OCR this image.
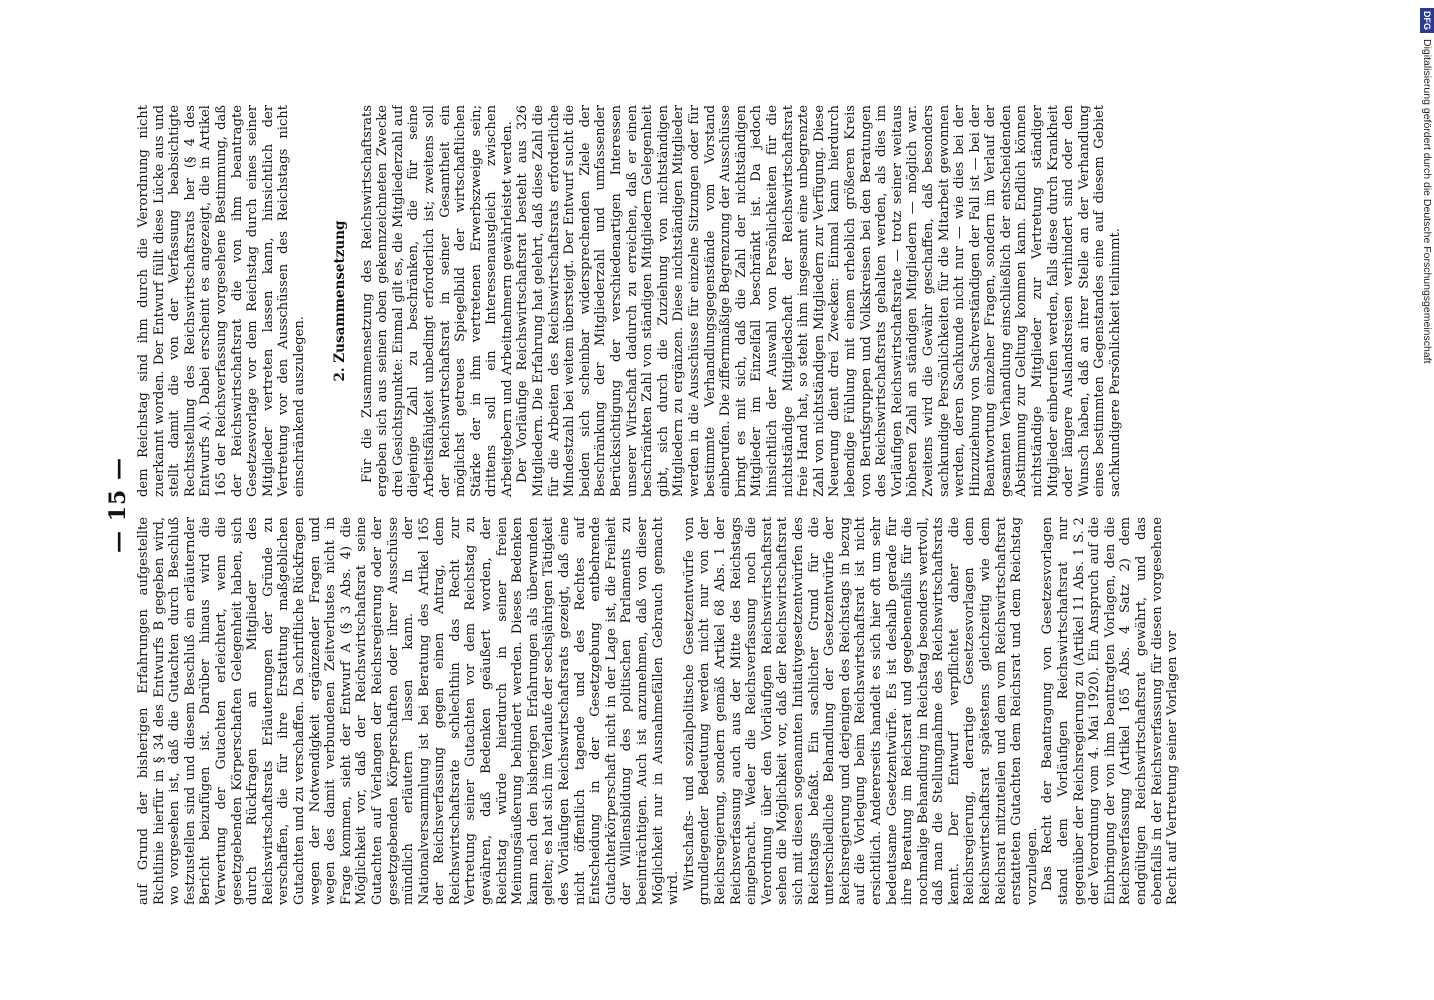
— 15 —

auf Grund der bisherigen Erfahrungen aufgestellte Richtlinie hierfür in § 34 des Entwurfs B gegeben wird, wo vorgesehen ist, daß die Gutachten durch Beschluß festzustellen sind und diesem Beschluß ein erläuternder Bericht beizufügen ist. Darüber hinaus wird die Verwertung der Gutachten erleichtert, wenn die gesetzgebenden Körperschaften Gelegenheit haben, sich durch Rückfragen an Mitglieder des Reichswirtschaftsrats Erläuterungen der Gründe zu verschaffen, die für ihre Erstattung maßgeblichen Gutachten und zu verschaffen. Da schriftliche Rückfragen wegen der Notwendigkeit ergänzender Fragen und wegen des damit verbundenen Zeitverlustes nicht in Frage kommen, sieht der Entwurf A (§ 3 Abs. 4) die Möglichkeit vor, daß der Reichswirtschaftsrat seine Gutachten auf Verlangen der Reichsregierung oder der gesetzgebenden Körperschaften oder ihrer Ausschüsse mündlich erläutern lassen kann. In der Nationalversammlung ist bei Beratung des Artikel 165 der Reichsverfassung gegen einen Antrag, dem Reichswirtschaftsrate schlechthin das Recht zur Vertretung seiner Gutachten vor dem Reichstag zu gewähren, daß Bedenken geäußert worden, der Reichstag würde hierdurch in seiner freien Meinungsäußerung behindert werden. Dieses Bedenken kann nach den bisherigen Erfahrungen als überwunden gelten; es hat sich im Verlaufe der sechsjährigen Tätigkeit des Vorläufigen Reichswirtschaftsrats gezeigt, daß eine nicht öffentlich tagende und des Rechtes auf Entscheidung in der Gesetzgebung entbehrende Gutachterkörperschaft nicht in der Lage ist, die Freiheit der Willensbildung des politischen Parlaments zu beeinträchtigen. Auch ist anzunehmen, daß von dieser Möglichkeit nur in Ausnahmefällen Gebrauch gemacht wird. Wirtschafts- und sozialpolitische Gesetzentwürfe von grundlegender Bedeutung werden nicht nur von der Reichsregierung, sondern gemäß Artikel 68 Abs. 1 der Reichsverfassung auch aus der Mitte des Reichstags eingebracht. Weder die Reichsverfassung noch die Verordnung über den Vorläufigen Reichswirtschaftsrat sehen die Möglichkeit vor, daß der Reichswirtschaftsrat sich mit diesen sogenannten Initiativgesetzentwürfen des Reichstags befaßt. Ein sachlicher Grund für die unterschiedliche Behandlung der Gesetzentwürfe der Reichsregierung und derjenigen des Reichstags in bezug auf die Vorlegung beim Reichswirtschaftsrat ist nicht ersichtlich. Andererseits handelt es sich hier oft um sehr bedeutsame Gesetzentwürfe. Es ist deshalb gerade für ihre Beratung im Reichsrat und gegebenenfalls für die nochmalige Behandlung im Reichstag besonders wertvoll, daß man die Stellungnahme des Reichswirtschaftsrats kennt. Der Entwurf verpflichtet daher die Reichsregierung, derartige Gesetzesvorlagen dem Reichswirtschaftsrat spätestens gleichzeitig wie dem Reichsrat mitzuteilen und dem vom Reichswirtschaftsrat erstatteten Gutachten dem Reichsrat und dem Reichstag vorzulegen. Das Recht der Beantragung von Gesetzesvorlagen stand dem Vorläufigen Reichswirtschaftsrat nur gegenüber der Reichsregierung zu (Artikel 11 Abs. 1 S. 2 der Verordnung vom 4. Mai 1920). Ein Anspruch auf die Einbringung der von ihm beantragten Vorlagen, den die Reichsverfassung (Artikel 165 Abs. 4 Satz 2) dem endgültigen Reichswirtschaftsrat gewährt, und das ebenfalls in der Reichsverfassung für diesen vorgesehene Recht auf Vertretung seiner Vorlagen vor

dem Reichstag sind ihm durch die Verordnung nicht zuerkannt worden. Der Entwurf füllt diese Lücke aus und stellt damit die von der Verfassung beabsichtigte Rechtsstellung des Reichswirtschaftsrats her (§ 4 des Entwurfs A). Dabei erscheint es angezeigt, die in Artikel 165 der Reichsverfassung vorgesehene Bestimmung, daß der Reichswirtschaftsrat die von ihm beantragte Gesetzesvorlage vor dem Reichstag durch eines seiner Mitglieder vertreten lassen kann, hinsichtlich der Vertretung vor den Ausschüssen des Reichstags nicht einschränkend auszulegen.

2. Zusammensetzung Für die Zusammensetzung des Reichswirtschaftsrats ergeben sich aus seinen oben gekennzeichneten Zwecke drei Gesichtspunkte: Einmal gilt es, die Mitgliederzahl auf diejenige Zahl zu beschränken, die für seine Arbeitsfähigkeit unbedingt erforderlich ist; zweitens soll der Reichswirtschaftsrat in seiner Gesamtheit ein möglichst getreues Spiegelbild der wirtschaftlichen Stärke der in ihm vertretenen Erwerbszweige sein; drittens soll ein Interessenausgleich zwischen Arbeitgebern und Arbeitnehmern gewährleistet werden. Der Vorläufige Reichswirtschaftsrat besteht aus 326 Mitgliedern. Die Erfahrung hat gelehrt, daß diese Zahl die für die Arbeiten des Reichswirtschaftsrats erforderliche Mindestzahl bei weitem übersteigt. Der Entwurf sucht die beiden sich scheinbar widersprechenden Ziele der Beschränkung der Mitgliederzahl und umfassender Berücksichtigung der verschiedenartigen Interessen unserer Wirtschaft dadurch zu erreichen, daß er einen beschränkten Zahl von ständigen Mitgliedern Gelegenheit gibt, sich durch die Zuziehung von nichtständigen Mitgliedern zu ergänzen. Diese nichtständigen Mitglieder werden in die Ausschüsse für einzelne Sitzungen oder für bestimmte Verhandlungsgegenstände vom Vorstand einberufen. Die ziffernmäßige Begrenzung der Ausschüsse bringt es mit sich, daß die Zahl der nichtständigen Mitglieder im Einzelfall beschränkt ist. Da jedoch hinsichtlich der Auswahl von Persönlichkeiten für die nichtständige Mitgliedschaft der Reichswirtschaftsrat freie Hand hat, so steht ihm insgesamt eine unbegrenzte Zahl von nichtständigen Mitgliedern zur Verfügung. Diese Neuerung dient drei Zwecken: Einmal kann hierdurch lebendige Fühlung mit einem erheblich größeren Kreis von Berufsgruppen und Volkskreisen bei den Beratungen des Reichswirtschaftsrats gehalten werden, als dies im Vorläufigen Reichswirtschaftsrate — trotz seiner weitaus höheren Zahl an ständigen Mitgliedern — möglich war. Zweitens wird die Gewähr geschaffen, daß besonders sachkundige Persönlichkeiten für die Mitarbeit gewonnen werden, deren Sachkunde nicht nur — wie dies bei der Hinzuziehung von Sachverständigen der Fall ist — bei der Beantwortung einzelner Fragen, sondern im Verlauf der gesamten Verhandlung einschließlich der entscheidenden Abstimmung zur Geltung kommen kann. Endlich können nichtständige Mitglieder zur Vertretung ständiger Mitglieder einberufen werden, falls diese durch Krankheit oder längere Auslandsreisen verhindert sind oder den Wunsch haben, daß an ihrer Stelle an der Verhandlung eines bestimmten Gegenstandes eine auf diesem Gebiet sachkundigere Persönlichkeit teilnimmt.

DFGDigitalisierung gefördert durch die Deutsche Forschungsgemeinschaft
